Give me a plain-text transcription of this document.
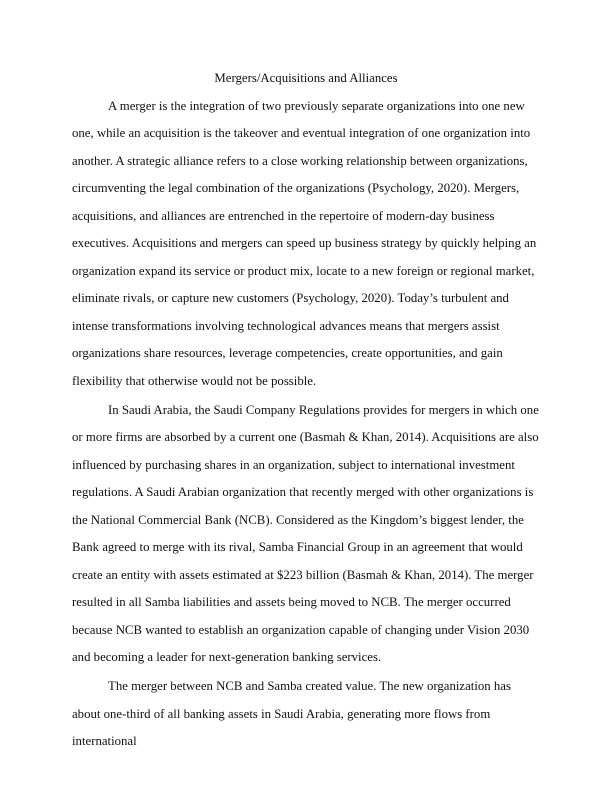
Mergers/Acquisitions and Alliances

A merger is the integration of two previously separate organizations into one new one, while an acquisition is the takeover and eventual integration of one organization into another. A strategic alliance refers to a close working relationship between organizations, circumventing the legal combination of the organizations (Psychology, 2020). Mergers, acquisitions, and alliances are entrenched in the repertoire of modern-day business executives. Acquisitions and mergers can speed up business strategy by quickly helping an organization expand its service or product mix, locate to a new foreign or regional market, eliminate rivals, or capture new customers (Psychology, 2020). Today’s turbulent and intense transformations involving technological advances means that mergers assist organizations share resources, leverage competencies, create opportunities, and gain flexibility that otherwise would not be possible.

In Saudi Arabia, the Saudi Company Regulations provides for mergers in which one or more firms are absorbed by a current one (Basmah & Khan, 2014). Acquisitions are also influenced by purchasing shares in an organization, subject to international investment regulations. A Saudi Arabian organization that recently merged with other organizations is the National Commercial Bank (NCB). Considered as the Kingdom’s biggest lender, the Bank agreed to merge with its rival, Samba Financial Group in an agreement that would create an entity with assets estimated at $223 billion (Basmah & Khan, 2014). The merger resulted in all Samba liabilities and assets being moved to NCB. The merger occurred because NCB wanted to establish an organization capable of changing under Vision 2030 and becoming a leader for next-generation banking services.

The merger between NCB and Samba created value. The new organization has about one-third of all banking assets in Saudi Arabia, generating more flows from international
